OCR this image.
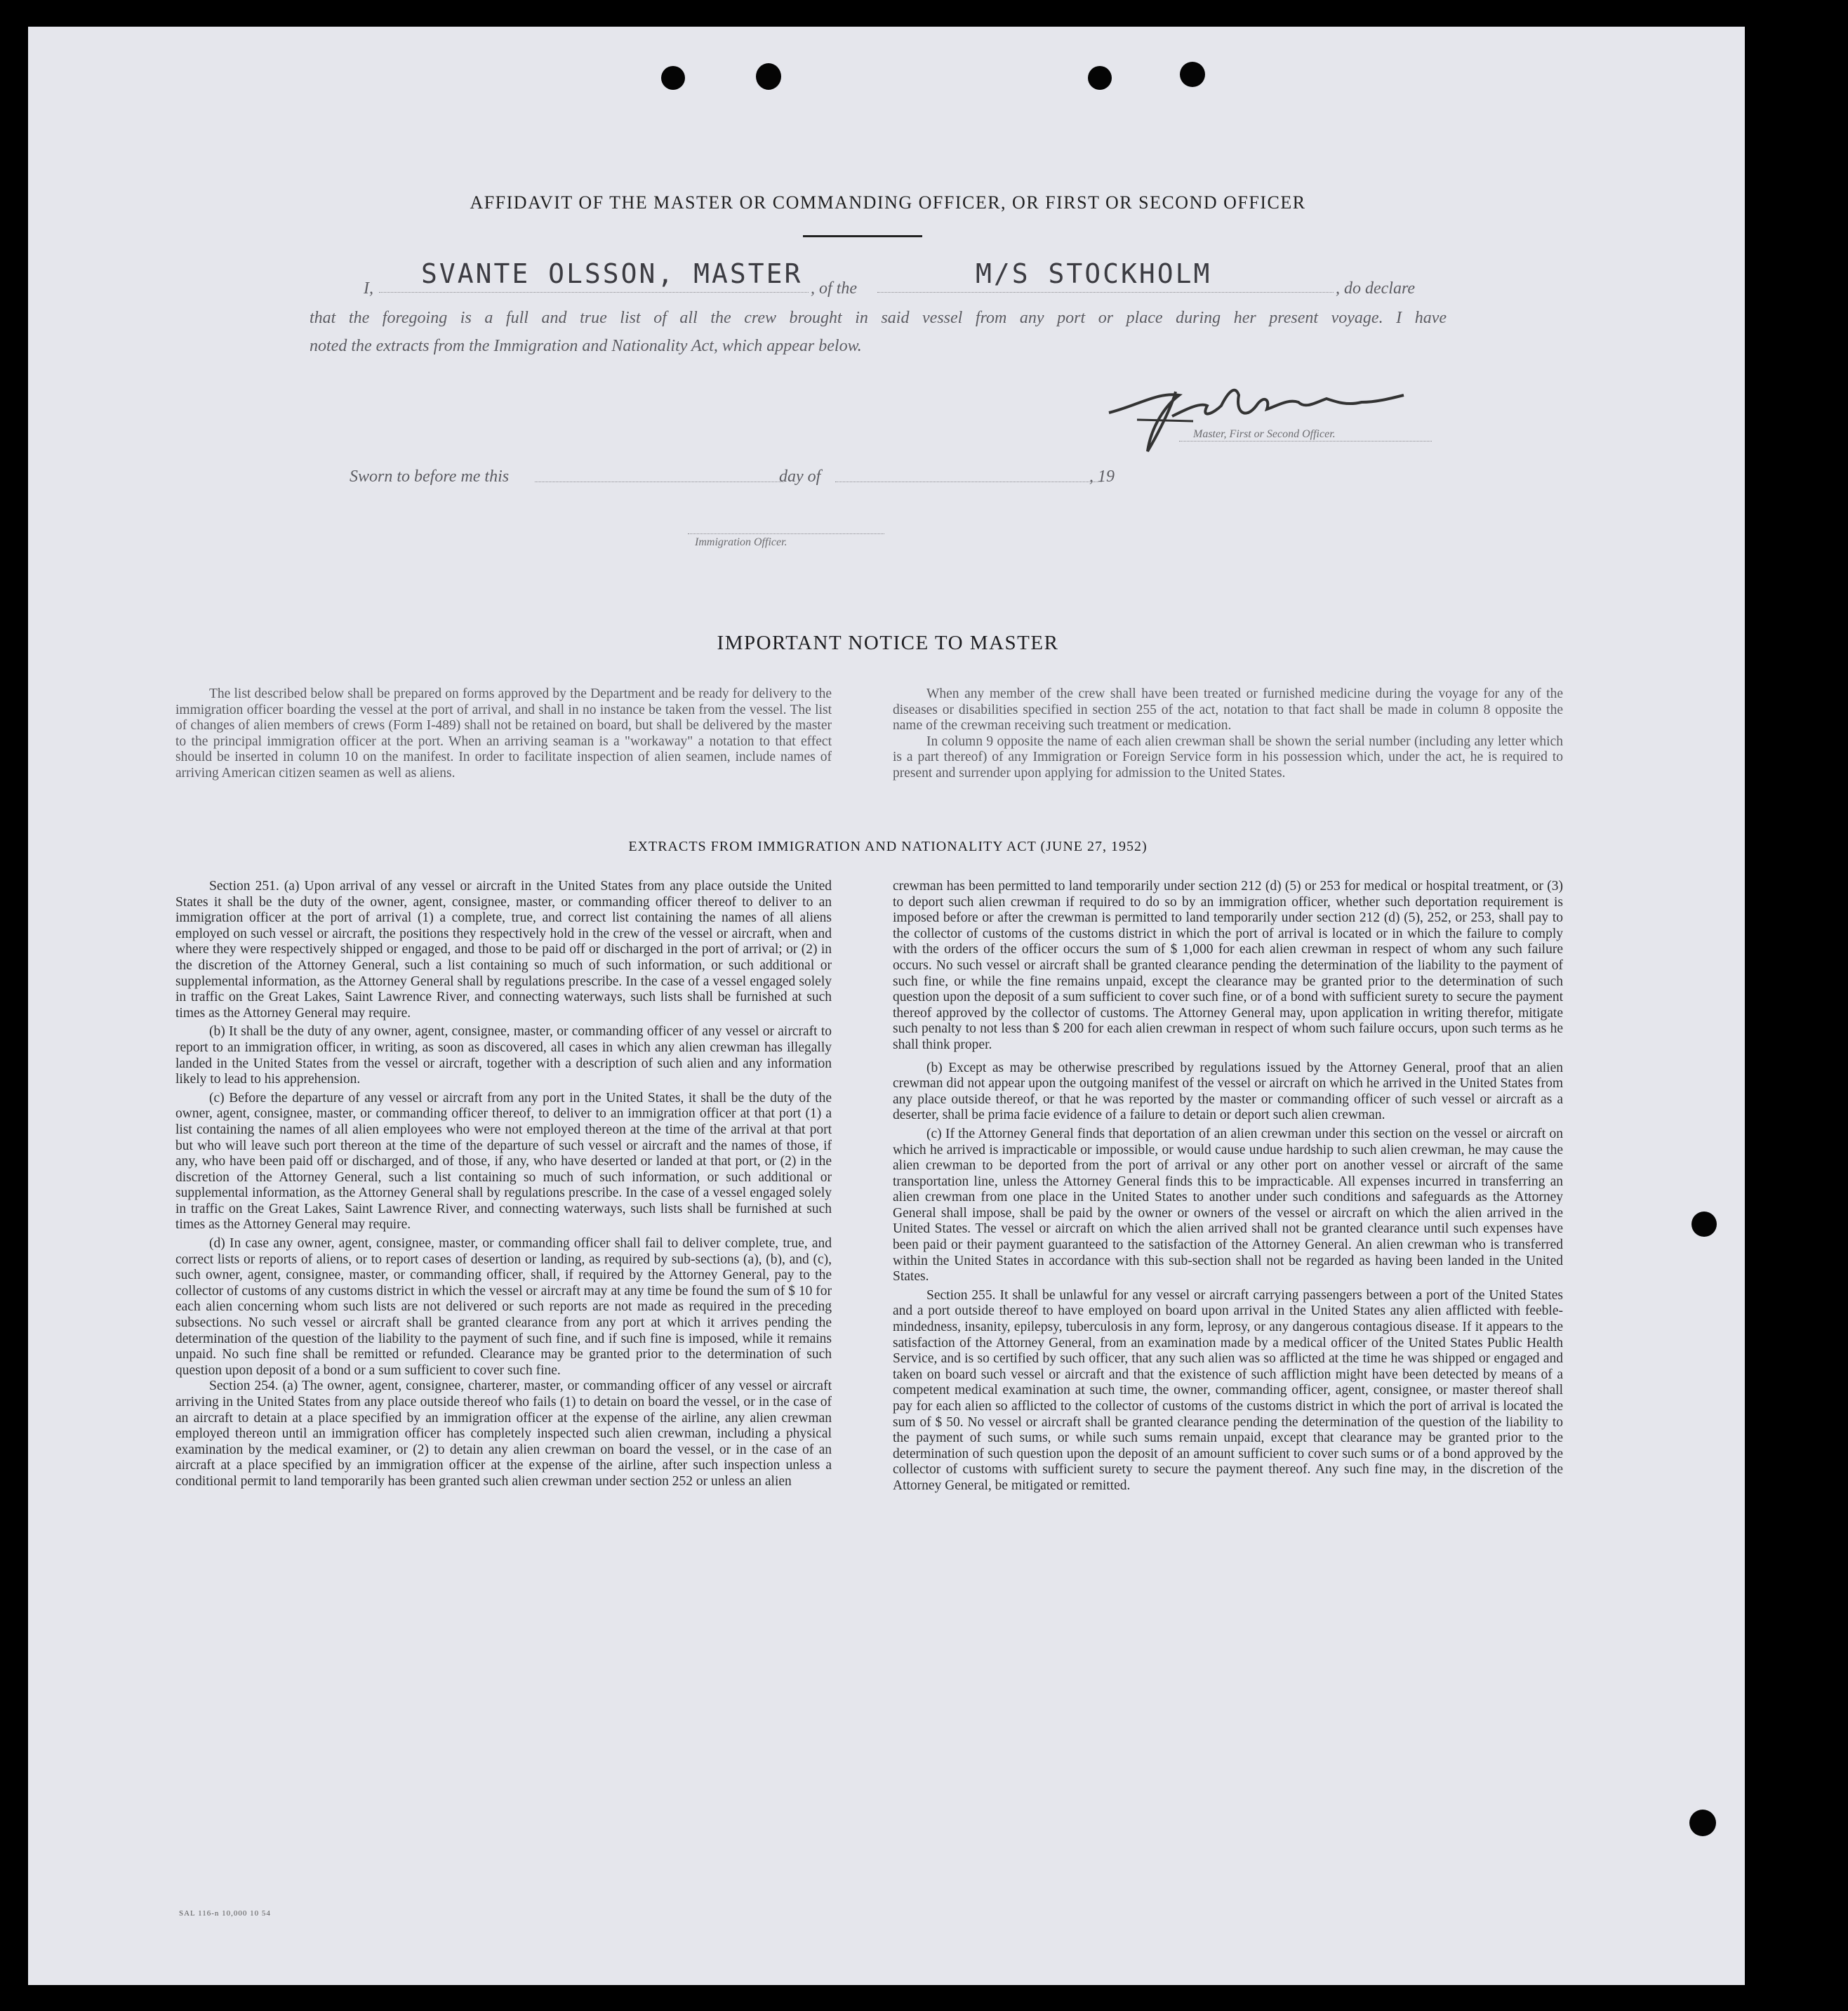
AFFIDAVIT OF THE MASTER OR COMMANDING OFFICER, OR FIRST OR SECOND OFFICER
I, SVANTE OLSSON, MASTER , of the	M/S STOCKHOLM	, do declare
that the foregoing is a full and true list of all the crew brought in said vessel from any port or place during her present voyage. I have
noted the extracts from the Immigration and Nationality Act, which appear below.
Master, First or Second Officer.
Sworn to before me this	day of	, 19
Immigration Officer.
IMPORTANT NOTICE TO MASTER

The list described below shall be prepared on forms approved by the Department and be ready for delivery to the immigration officer boarding the vessel at the port of arrival, and shall in no instance be taken from the vessel. The list of changes of alien members of crews (Form I-489) shall not be retained on board, but shall be delivered by the master to the principal immigration officer at the port. When an arriving seaman is a "workaway" a notation to that effect should be inserted in column 10 on the manifest. In order to facilitate inspection of alien seamen, include names of arriving American citizen seamen as well as aliens.

When any member of the crew shall have been treated or furnished medicine during the voyage for any of the diseases or disabilities specified in section 255 of the act, notation to that fact shall be made in column 8 opposite the name of the crewman receiving such treatment or medication.

In column 9 opposite the name of each alien crewman shall be shown the serial number (including any letter which is a part thereof) of any Immigration or Foreign Service form in his possession which, under the act, he is required to present and surrender upon applying for admission to the United States.

EXTRACTS FROM IMMIGRATION AND NATIONALITY ACT (JUNE 27, 1952)

Section 251. (a) Upon arrival of any vessel or aircraft in the United States from any place outside the United States it shall be the duty of the owner, agent, consignee, master, or commanding officer thereof to deliver to an immigration officer at the port of arrival (1) a complete, true, and correct list containing the names of all aliens employed on such vessel or aircraft, the positions they respectively hold in the crew of the vessel or aircraft, when and where they were respectively shipped or engaged, and those to be paid off or discharged in the port of arrival; or (2) in the discretion of the Attorney General, such a list containing so much of such information, or such additional or supplemental information, as the Attorney General shall by regulations prescribe. In the case of a vessel engaged solely in traffic on the Great Lakes, Saint Lawrence River, and connecting waterways, such lists shall be furnished at such times as the Attorney General may require.

(b) It shall be the duty of any owner, agent, consignee, master, or commanding officer of any vessel or aircraft to report to an immigration officer, in writing, as soon as discovered, all cases in which any alien crewman has illegally landed in the United States from the vessel or aircraft, together with a description of such alien and any information likely to lead to his apprehension.

(c) Before the departure of any vessel or aircraft from any port in the United States, it shall be the duty of the owner, agent, consignee, master, or commanding officer thereof, to deliver to an immigration officer at that port (1) a list containing the names of all alien employees who were not employed thereon at the time of the arrival at that port but who will leave such port thereon at the time of the departure of such vessel or aircraft and the names of those, if any, who have been paid off or discharged, and of those, if any, who have deserted or landed at that port, or (2) in the discretion of the Attorney General, such a list containing so much of such information, or such additional or supplemental information, as the Attorney General shall by regulations prescribe. In the case of a vessel engaged solely in traffic on the Great Lakes, Saint Lawrence River, and connecting waterways, such lists shall be furnished at such times as the Attorney General may require.

(d) In case any owner, agent, consignee, master, or commanding officer shall fail to deliver complete, true, and correct lists or reports of aliens, or to report cases of desertion or landing, as required by sub-sections (a), (b), and (c), such owner, agent, consignee, master, or commanding officer, shall, if required by the Attorney General, pay to the collector of customs of any customs district in which the vessel or aircraft may at any time be found the sum of $ 10 for each alien concerning whom such lists are not delivered or such reports are not made as required in the preceding subsections. No such vessel or aircraft shall be granted clearance from any port at which it arrives pending the determination of the question of the liability to the payment of such fine, and if such fine is imposed, while it remains unpaid. No such fine shall be remitted or refunded. Clearance may be granted prior to the determination of such question upon deposit of a bond or a sum sufficient to cover such fine.

Section 254. (a) The owner, agent, consignee, charterer, master, or commanding officer of any vessel or aircraft arriving in the United States from any place outside thereof who fails (1) to detain on board the vessel, or in the case of an aircraft to detain at a place specified by an immigration officer at the expense of the airline, any alien crewman employed thereon until an immigration officer has completely inspected such alien crewman, including a physical examination by the medical examiner, or (2) to detain any alien crewman on board the vessel, or in the case of an aircraft at a place specified by an immigration officer at the expense of the airline, after such inspection unless a conditional permit to land temporarily has been granted such alien crewman under section 252 or unless an alien

crewman has been permitted to land temporarily under section 212 (d) (5) or 253 for medical or hospital treatment, or (3) to deport such alien crewman if required to do so by an immigration officer, whether such deportation requirement is imposed before or after the crewman is permitted to land temporarily under section 212 (d) (5), 252, or 253, shall pay to the collector of customs of the customs district in which the port of arrival is located or in which the failure to comply with the orders of the officer occurs the sum of $ 1,000 for each alien crewman in respect of whom any such failure occurs. No such vessel or aircraft shall be granted clearance pending the determination of the liability to the payment of such fine, or while the fine remains unpaid, except the clearance may be granted prior to the determination of such question upon the deposit of a sum sufficient to cover such fine, or of a bond with sufficient surety to secure the payment thereof approved by the collector of customs. The Attorney General may, upon application in writing therefor, mitigate such penalty to not less than $ 200 for each alien crewman in respect of whom such failure occurs, upon such terms as he shall think proper.

(b) Except as may be otherwise prescribed by regulations issued by the Attorney General, proof that an alien crewman did not appear upon the outgoing manifest of the vessel or aircraft on which he arrived in the United States from any place outside thereof, or that he was reported by the master or commanding officer of such vessel or aircraft as a deserter, shall be prima facie evidence of a failure to detain or deport such alien crewman.

(c) If the Attorney General finds that deportation of an alien crewman under this section on the vessel or aircraft on which he arrived is impracticable or impossible, or would cause undue hardship to such alien crewman, he may cause the alien crewman to be deported from the port of arrival or any other port on another vessel or aircraft of the same transportation line, unless the Attorney General finds this to be impracticable. All expenses incurred in transferring an alien crewman from one place in the United States to another under such conditions and safeguards as the Attorney General shall impose, shall be paid by the owner or owners of the vessel or aircraft on which the alien arrived in the United States. The vessel or aircraft on which the alien arrived shall not be granted clearance until such expenses have been paid or their payment guaranteed to the satisfaction of the Attorney General. An alien crewman who is transferred within the United States in accordance with this sub-section shall not be regarded as having been landed in the United States.

Section 255. It shall be unlawful for any vessel or aircraft carrying passengers between a port of the United States and a port outside thereof to have employed on board upon arrival in the United States any alien afflicted with feeble-mindedness, insanity, epilepsy, tuberculosis in any form, leprosy, or any dangerous contagious disease. If it appears to the satisfaction of the Attorney General, from an examination made by a medical officer of the United States Public Health Service, and is so certified by such officer, that any such alien was so afflicted at the time he was shipped or engaged and taken on board such vessel or aircraft and that the existence of such affliction might have been detected by means of a competent medical examination at such time, the owner, commanding officer, agent, consignee, or master thereof shall pay for each alien so afflicted to the collector of customs of the customs district in which the port of arrival is located the sum of $ 50. No vessel or aircraft shall be granted clearance pending the determination of the question of the liability to the payment of such sums, or while such sums remain unpaid, except that clearance may be granted prior to the determination of such question upon the deposit of an amount sufficient to cover such sums or of a bond approved by the collector of customs with sufficient surety to secure the payment thereof. Any such fine may, in the discretion of the Attorney General, be mitigated or remitted.

SAL 116-n 10,000 10 54
